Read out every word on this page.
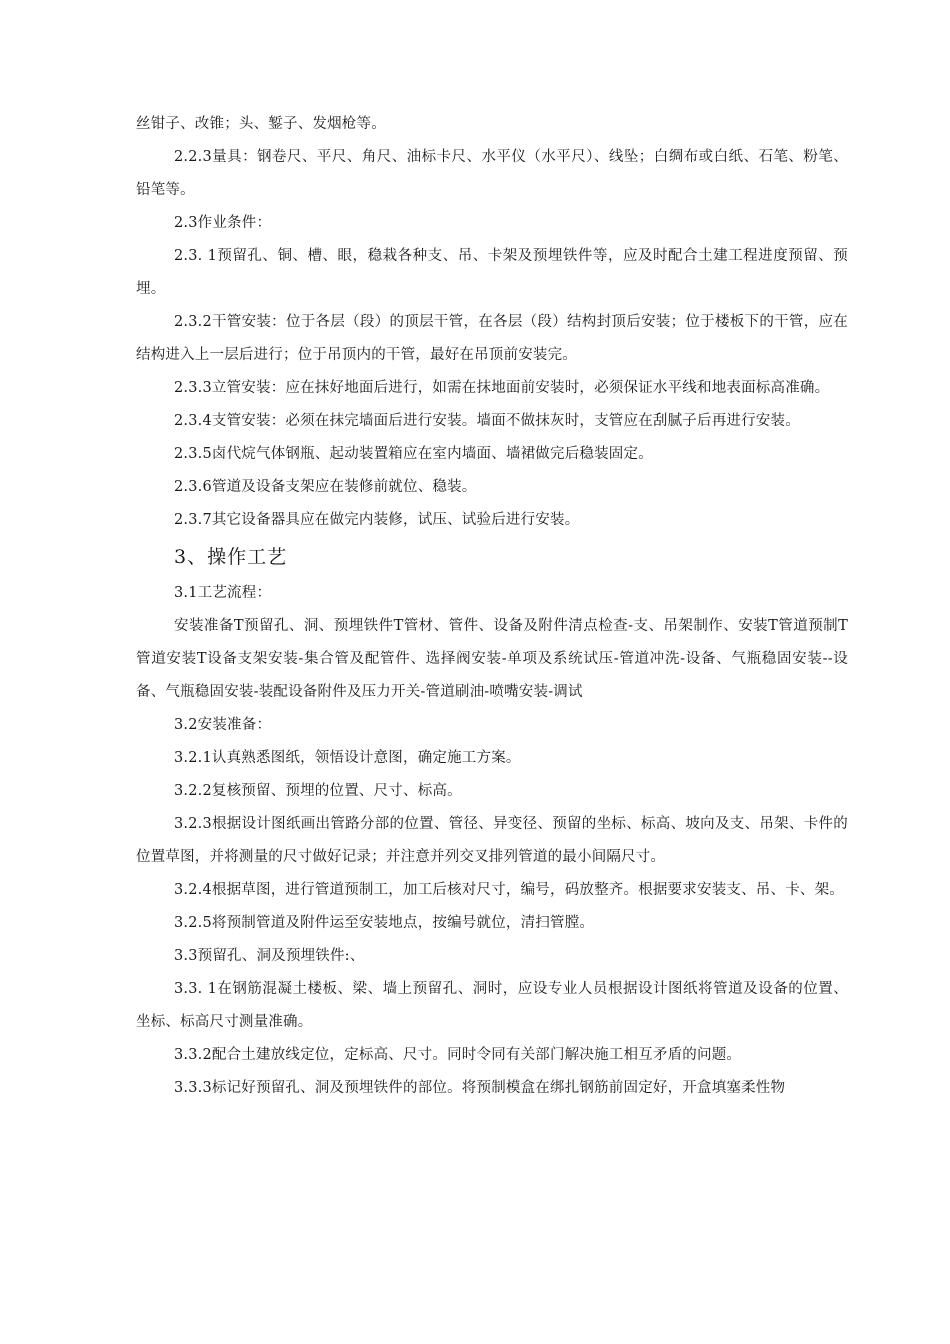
丝钳子、改锥；头、錾子、发烟枪等。

2.2.3量具：钢卷尺、平尺、角尺、油标卡尺、水平仪（水平尺）、线坠；白绸布或白纸、石笔、粉笔、铅笔等。

2.3作业条件：

2.3. 1预留孔、铜、槽、眼，稳栽各种支、吊、卡架及预埋铁件等，应及时配合土建工程进度预留、预埋。

2.3.2干管安装：位于各层（段）的顶层干管，在各层（段）结构封顶后安装；位于楼板下的干管，应在结构进入上一层后进行；位于吊顶内的干管，最好在吊顶前安装完。

2.3.3立管安装：应在抹好地面后进行，如需在抹地面前安装时，必须保证水平线和地表面标高准确。

2.3.4支管安装：必须在抹完墙面后进行安装。墙面不做抹灰时，支管应在刮腻子后再进行安装。

2.3.5卤代烷气体钢瓶、起动装置箱应在室内墙面、墙裙做完后稳装固定。

2.3.6管道及设备支架应在装修前就位、稳装。

2.3.7其它设备器具应在做完内装修，试压、试验后进行安装。

3、操作工艺

3.1工艺流程：

安装准备T预留孔、洞、预埋铁件T管材、管件、设备及附件清点检查-支、吊架制作、安装T管道预制T管道安装T设备支架安装-集合管及配管件、选择阀安装-单项及系统试压-管道冲洗-设备、气瓶稳固安装--设备、气瓶稳固安装-装配设备附件及压力开关-管道刷油-喷嘴安装-调试

3.2安装准备：

3.2.1认真熟悉图纸，领悟设计意图，确定施工方案。

3.2.2复核预留、预埋的位置、尺寸、标高。

3.2.3根据设计图纸画出管路分部的位置、管径、异变径、预留的坐标、标高、坡向及支、吊架、卡件的位置草图，并将测量的尺寸做好记录；并注意并列交叉排列管道的最小间隔尺寸。

3.2.4根据草图，进行管道预制工，加工后核对尺寸，编号，码放整齐。根据要求安装支、吊、卡、架。

3.2.5将预制管道及附件运至安装地点，按编号就位，清扫管膛。

3.3预留孔、洞及预埋铁件:、

3.3. 1在钢筋混凝土楼板、梁、墙上预留孔、洞时，应设专业人员根据设计图纸将管道及设备的位置、坐标、标高尺寸测量准确。

3.3.2配合土建放线定位，定标高、尺寸。同时令同有关部门解决施工相互矛盾的问题。

3.3.3标记好预留孔、洞及预埋铁件的部位。将预制模盒在绑扎钢筋前固定好，开盒填塞柔性物
